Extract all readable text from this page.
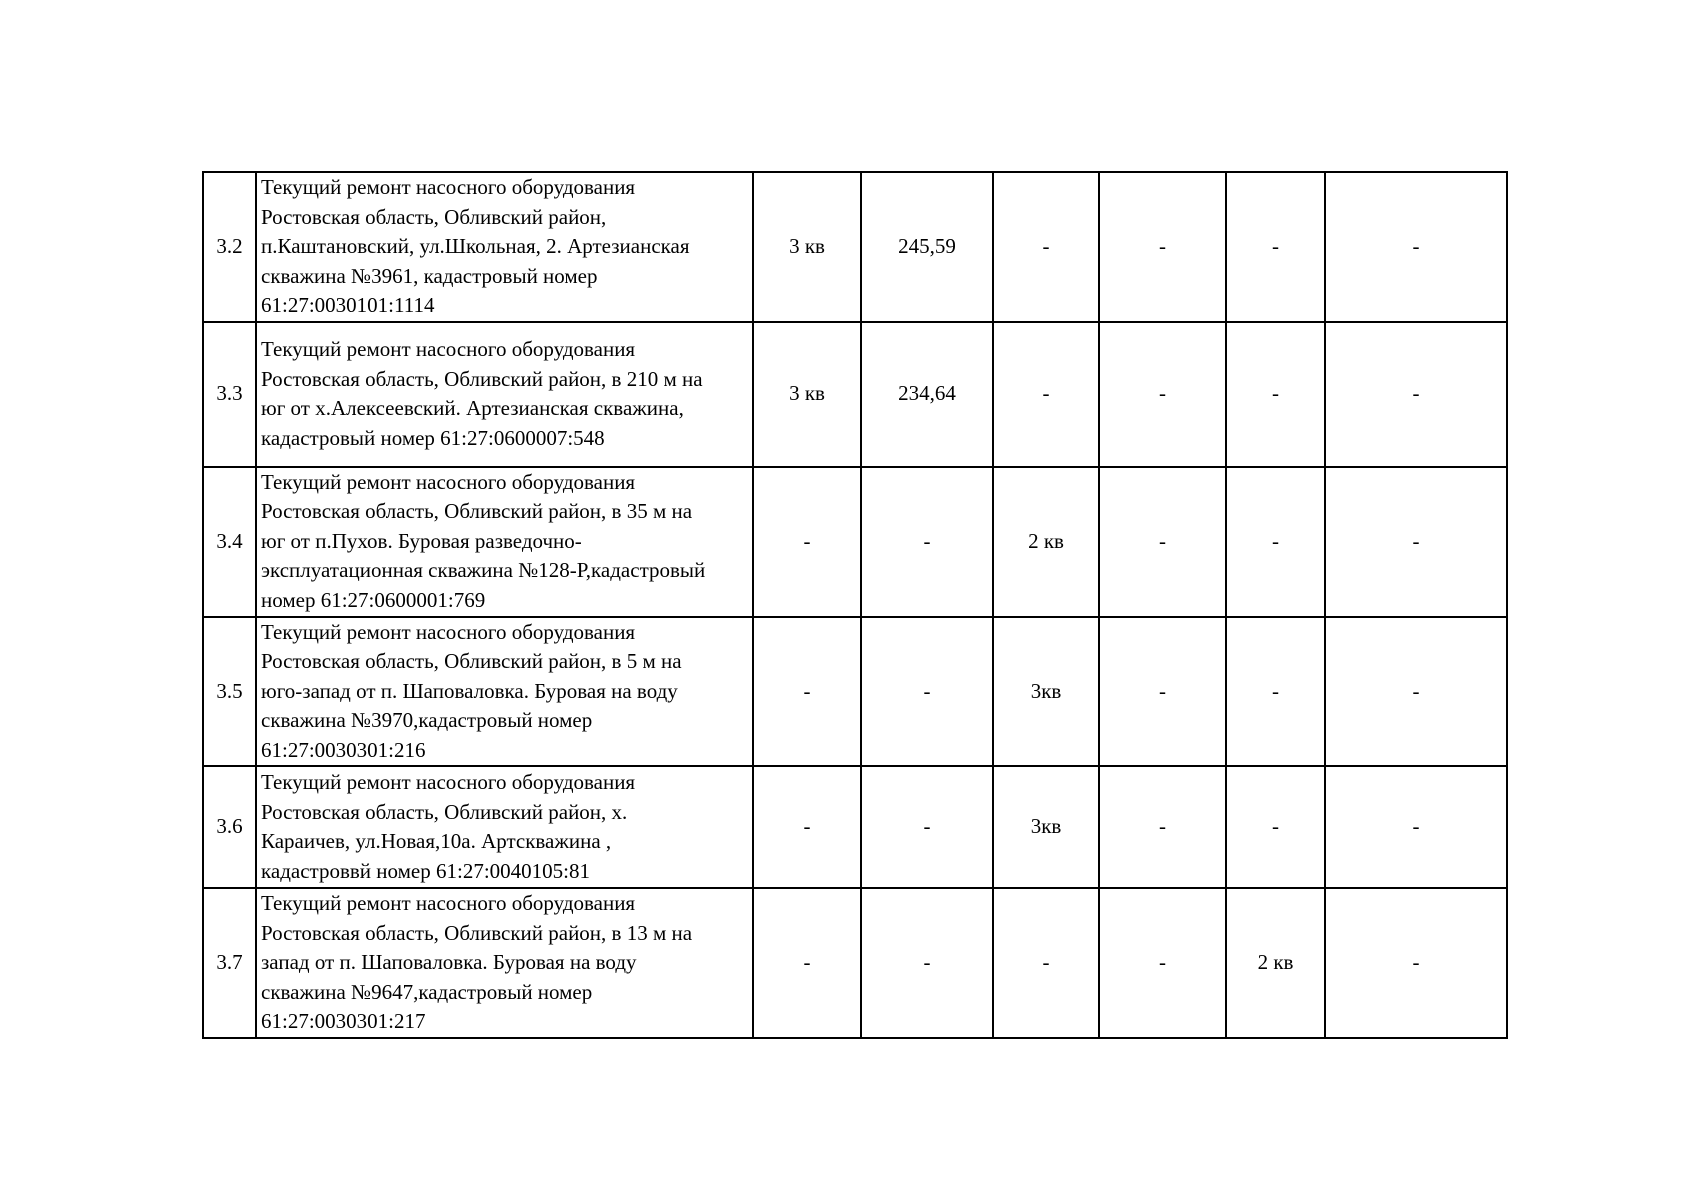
3.2	Текущий ремонт насосного оборудования
Ростовская область, Обливский район,
п.Каштановский, ул.Школьная, 2. Артезианская
скважина №3961, кадастровый номер
61:27:0030101:1114	3 кв	245,59	-	-	-	-
3.3	Текущий ремонт насосного оборудования
Ростовская область, Обливский район, в 210 м на
юг от х.Алексеевский. Артезианская скважина,
кадастровый номер 61:27:0600007:548	3 кв	234,64	-	-	-	-
3.4	Текущий ремонт насосного оборудования
Ростовская область, Обливский район, в 35 м на
юг от п.Пухов. Буровая разведочно-
эксплуатационная скважина №128-Р,кадастровый
номер 61:27:0600001:769	-	-	2 кв	-	-	-
3.5	Текущий ремонт насосного оборудования
Ростовская область, Обливский район, в 5 м на
юго-запад от п. Шаповаловка. Буровая на воду
скважина №3970,кадастровый номер
61:27:0030301:216	-	-	3кв	-	-	-
3.6	Текущий ремонт насосного оборудования
Ростовская область, Обливский район, х.
Караичев, ул.Новая,10а. Артскважина ,
кадастроввй номер 61:27:0040105:81	-	-	3кв	-	-	-
3.7	Текущий ремонт насосного оборудования
Ростовская область, Обливский район, в 13 м на
запад от п. Шаповаловка. Буровая на воду
скважина №9647,кадастровый номер
61:27:0030301:217	-	-	-	-	2 кв	-
